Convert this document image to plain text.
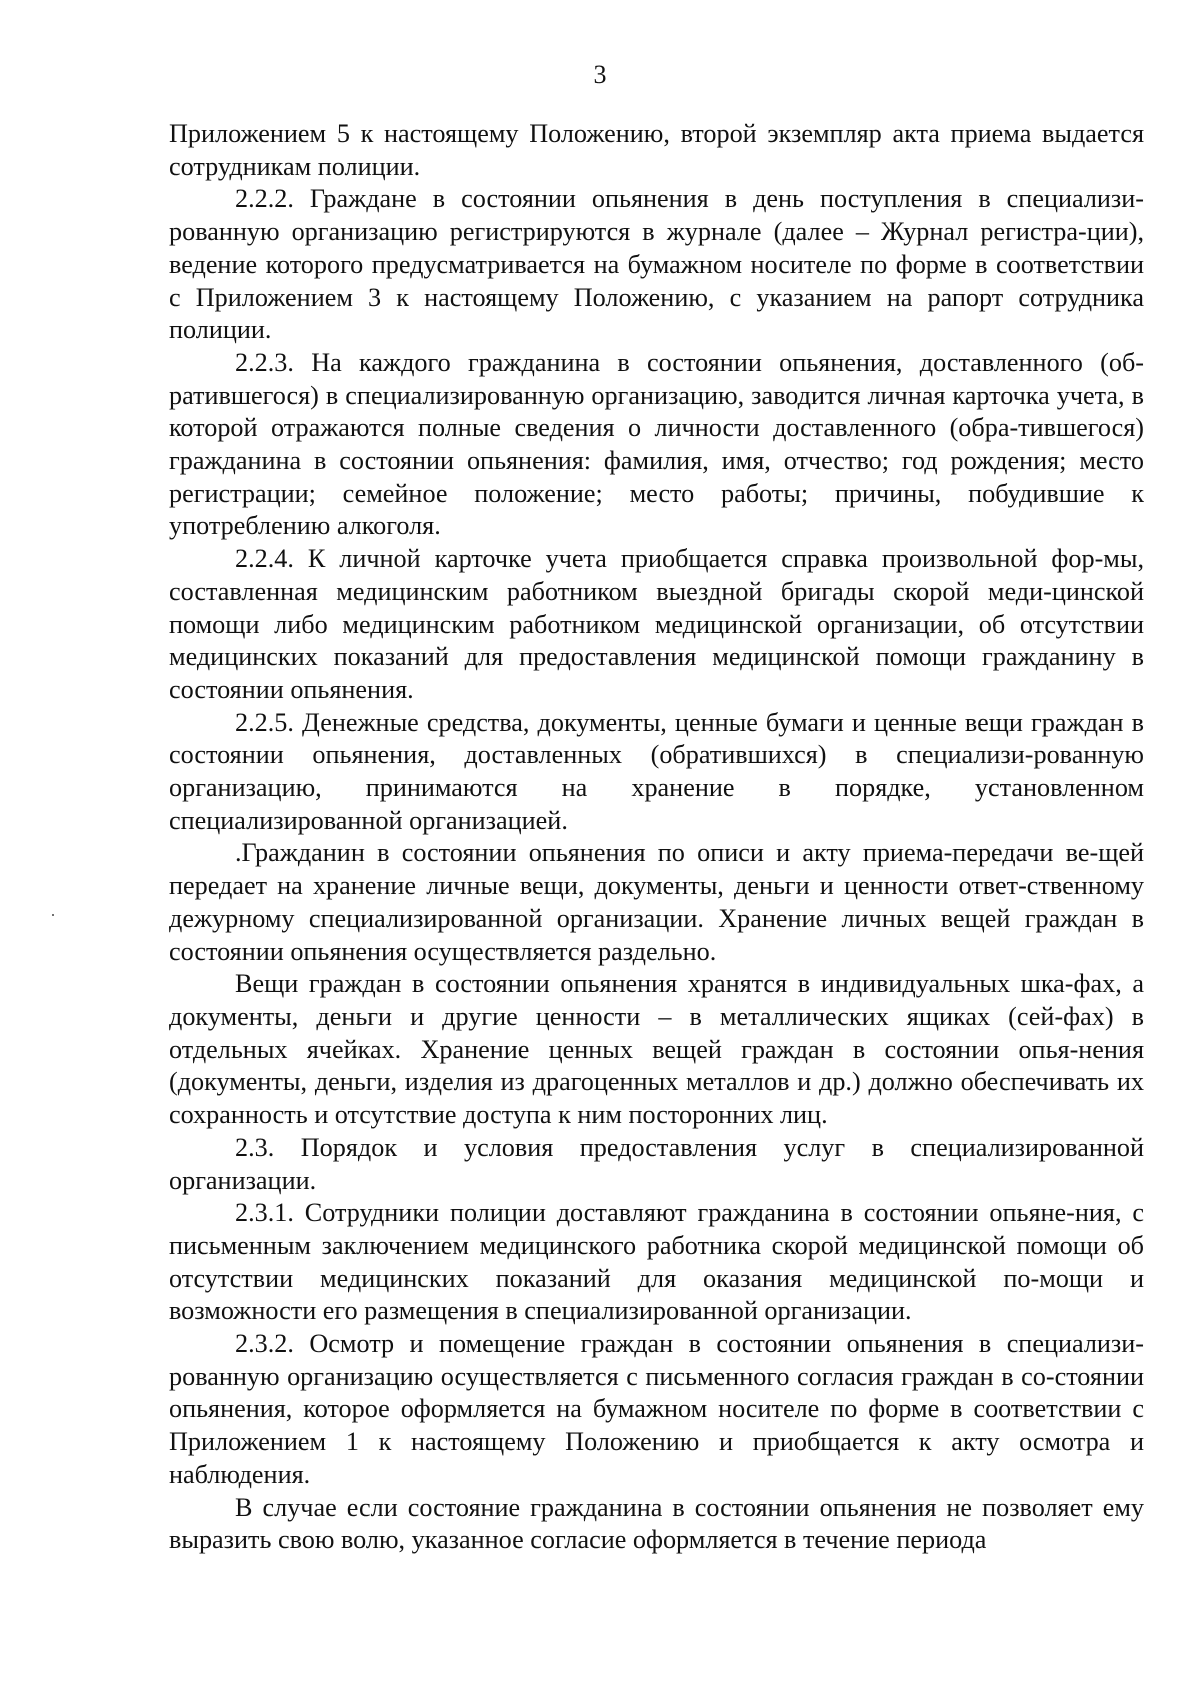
3

Приложением 5 к настоящему Положению, второй экземпляр акта приема выдается сотрудникам полиции.

2.2.2. Граждане в состоянии опьянения в день поступления в специализи-рованную организацию регистрируются в журнале (далее – Журнал регистра-ции), ведение которого предусматривается на бумажном носителе по форме в соответствии с Приложением 3 к настоящему Положению, с указанием на рапорт сотрудника полиции.

2.2.3. На каждого гражданина в состоянии опьянения, доставленного (об-ратившегося) в специализированную организацию, заводится личная карточка учета, в которой отражаются полные сведения о личности доставленного (обра-тившегося) гражданина в состоянии опьянения: фамилия, имя, отчество; год рождения; место регистрации; семейное положение; место работы; причины, побудившие к употреблению алкоголя.

2.2.4. К личной карточке учета приобщается справка произвольной фор-мы, составленная медицинским работником выездной бригады скорой меди-цинской помощи либо медицинским работником медицинской организации, об отсутствии медицинских показаний для предоставления медицинской помощи гражданину в состоянии опьянения.

2.2.5. Денежные средства, документы, ценные бумаги и ценные вещи граждан в состоянии опьянения, доставленных (обратившихся) в специализи-рованную организацию, принимаются на хранение в порядке, установленном специализированной организацией.

.Гражданин в состоянии опьянения по описи и акту приема-передачи ве-щей передает на хранение личные вещи, документы, деньги и ценности ответ-ственному дежурному специализированной организации. Хранение личных вещей граждан в состоянии опьянения осуществляется раздельно.

Вещи граждан в состоянии опьянения хранятся в индивидуальных шка-фах, а документы, деньги и другие ценности – в металлических ящиках (сей-фах) в отдельных ячейках. Хранение ценных вещей граждан в состоянии опья-нения (документы, деньги, изделия из драгоценных металлов и др.) должно обеспечивать их сохранность и отсутствие доступа к ним посторонних лиц.

2.3. Порядок и условия предоставления услуг в специализированной организации.

2.3.1. Сотрудники полиции доставляют гражданина в состоянии опьяне-ния, с письменным заключением медицинского работника скорой медицинской помощи об отсутствии медицинских показаний для оказания медицинской по-мощи и возможности его размещения в специализированной организации.

2.3.2. Осмотр и помещение граждан в состоянии опьянения в специализи-рованную организацию осуществляется с письменного согласия граждан в со-стоянии опьянения, которое оформляется на бумажном носителе по форме в соответствии с Приложением 1 к настоящему Положению и приобщается к акту осмотра и наблюдения.

В случае если состояние гражданина в состоянии опьянения не позволяет ему выразить свою волю, указанное согласие оформляется в течение периода
